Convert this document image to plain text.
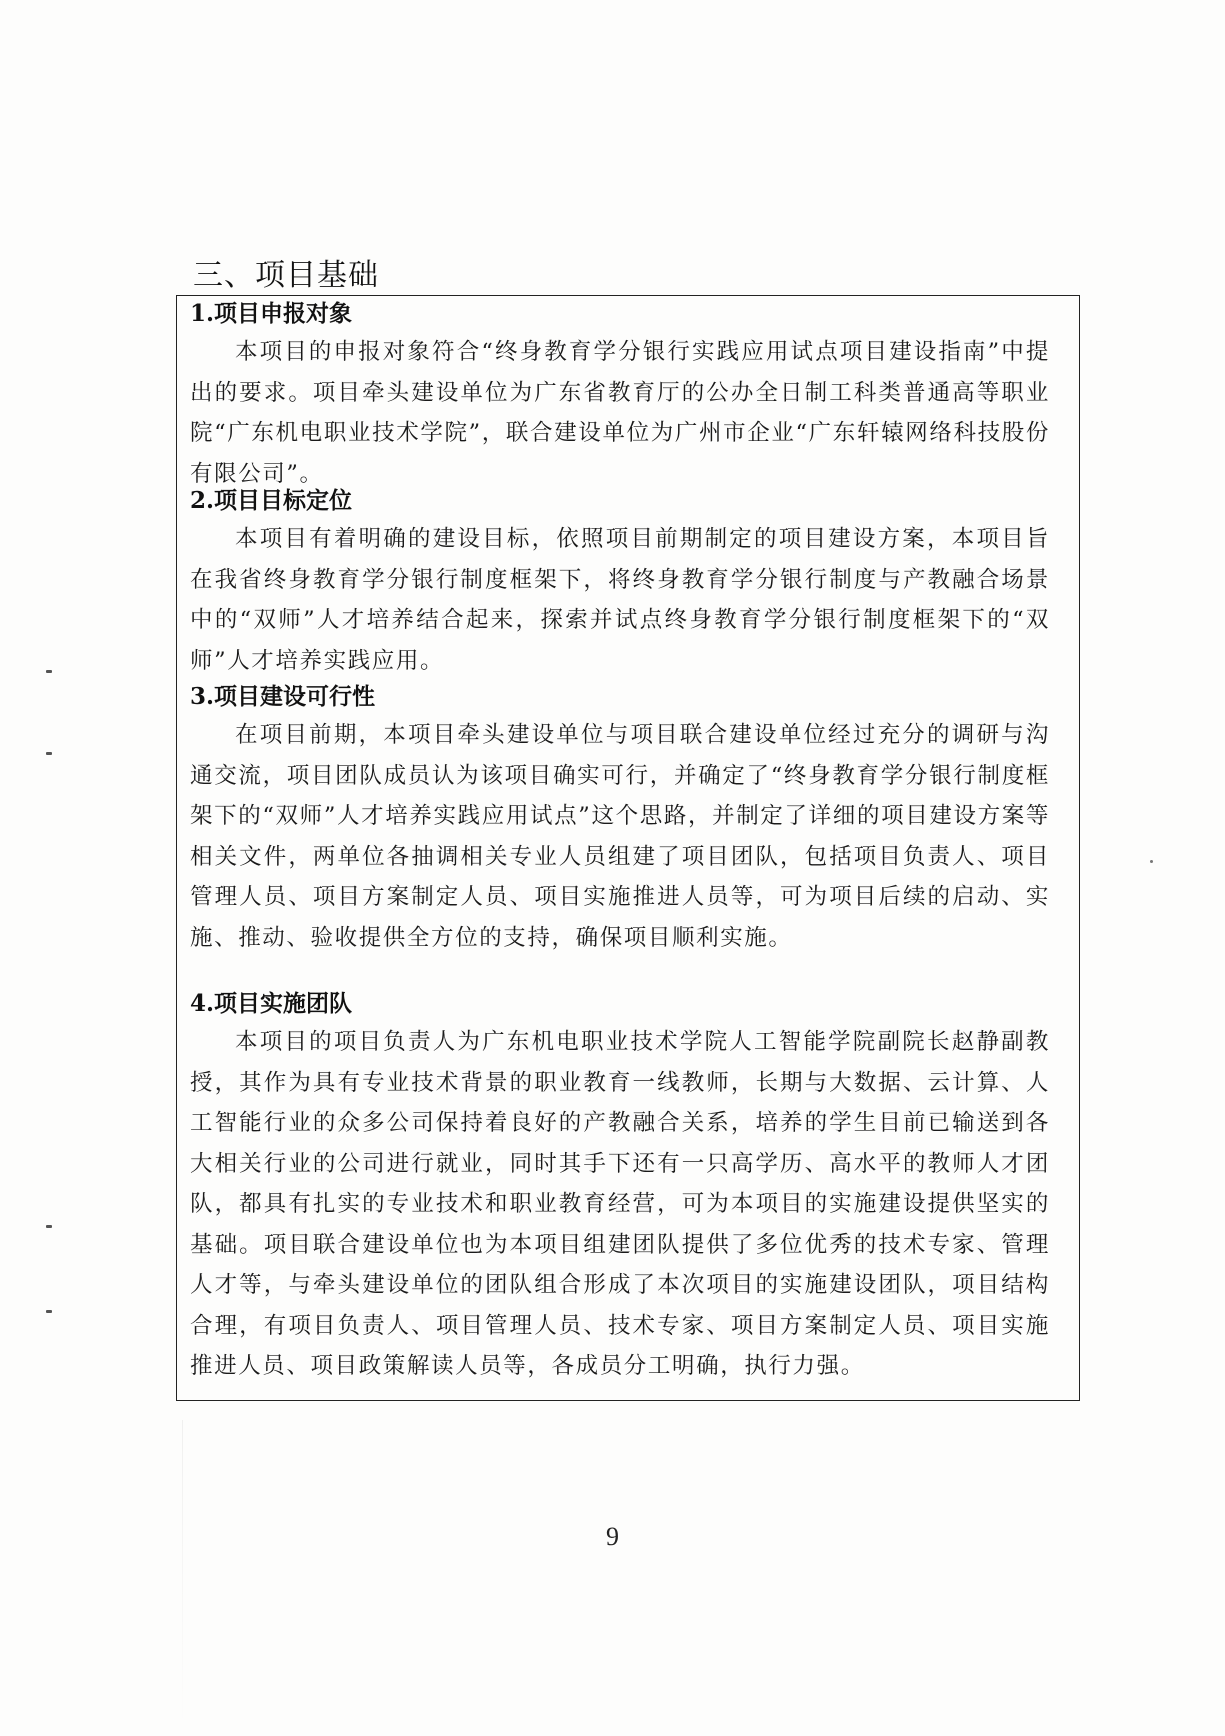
三、项目基础
1.项目申报对象

本项目的申报对象符合“终身教育学分银行实践应用试点项目建设指南”中提出的要求。项目牵头建设单位为广东省教育厅的公办全日制工科类普通高等职业院“广东机电职业技术学院”，联合建设单位为广州市企业“广东轩辕网络科技股份有限公司”。

2.项目目标定位

本项目有着明确的建设目标，依照项目前期制定的项目建设方案，本项目旨在我省终身教育学分银行制度框架下，将终身教育学分银行制度与产教融合场景中的“双师”人才培养结合起来，探索并试点终身教育学分银行制度框架下的“双师”人才培养实践应用。

3.项目建设可行性

在项目前期，本项目牵头建设单位与项目联合建设单位经过充分的调研与沟通交流，项目团队成员认为该项目确实可行，并确定了“终身教育学分银行制度框架下的“双师”人才培养实践应用试点”这个思路，并制定了详细的项目建设方案等相关文件，两单位各抽调相关专业人员组建了项目团队，包括项目负责人、项目管理人员、项目方案制定人员、项目实施推进人员等，可为项目后续的启动、实施、推动、验收提供全方位的支持，确保项目顺利实施。

4.项目实施团队

本项目的项目负责人为广东机电职业技术学院人工智能学院副院长赵静副教授，其作为具有专业技术背景的职业教育一线教师，长期与大数据、云计算、人工智能行业的众多公司保持着良好的产教融合关系，培养的学生目前已输送到各大相关行业的公司进行就业，同时其手下还有一只高学历、高水平的教师人才团队，都具有扎实的专业技术和职业教育经营，可为本项目的实施建设提供坚实的基础。项目联合建设单位也为本项目组建团队提供了多位优秀的技术专家、管理人才等，与牵头建设单位的团队组合形成了本次项目的实施建设团队，项目结构合理，有项目负责人、项目管理人员、技术专家、项目方案制定人员、项目实施推进人员、项目政策解读人员等，各成员分工明确，执行力强。

9
